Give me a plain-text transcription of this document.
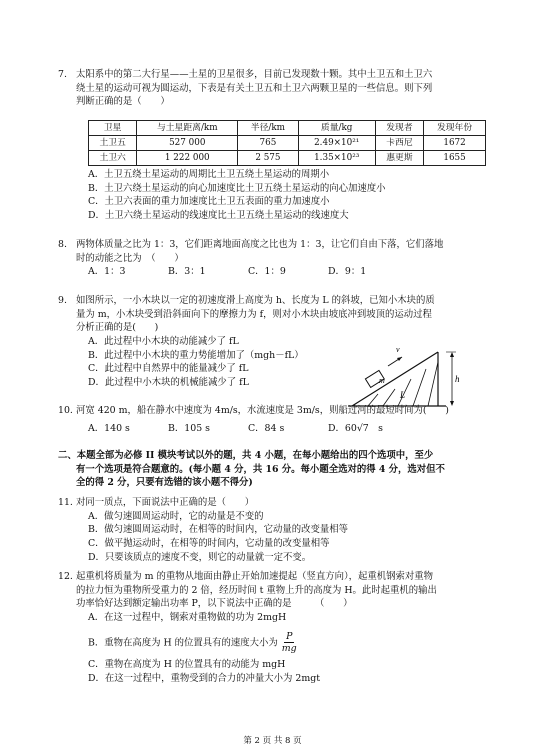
7. 太阳系中的第二大行星——土星的卫星很多，目前已发现数十颗。其中土卫五和土卫六
绕土星的运动可视为圆运动，下表是有关土卫五和土卫六两颗卫星的一些信息。则下列
判断正确的是（　　）
卫星	与土星距离/km	半径/km	质量/kg	发现者	发现年份
土卫五	527 000	765	2.49×10²¹	卡西尼	1672
土卫六	1 222 000	2 575	1.35×10²³	惠更斯	1655
A．土卫五绕土星运动的周期比土卫五绕土星运动的周期小
B．土卫六绕土星运动的向心加速度比土卫五绕土星运动的向心加速度小
C．土卫六表面的重力加速度比土卫五表面的重力加速度小
D．土卫六绕土星运动的线速度比土卫五绕土星运动的线速度大
8. 两物体质量之比为 1：3，它们距离地面高度之比也为 1：3，让它们自由下落，它们落地
时的动能之比为　（　　）
A．1：3	B．3：1	C．1：9	D．9：1
9. 如图所示，一小木块以一定的初速度滑上高度为 h、长度为 L 的斜坡，已知小木块的质
量为 m，小木块受到沿斜面向下的摩擦力为 f，则对小木块由坡底冲到坡顶的运动过程
分析正确的是(　　)
A．此过程中小木块的动能减少了 fL
B．此过程中小木块的重力势能增加了（mgh－fL）
C．此过程中自然界中的能量减少了 fL
D．此过程中小木块的机械能减少了 fL	m
v
L
h
10. 河宽 420 m，船在静水中速度为 4m/s，水流速度是 3m/s，则船过河的最短时间为(　　)
A．140 s	B．105 s	C．84 s	D．60√7　s
二、本题全部为必修 II 模块考试以外的题，共 4 小题，在每小题给出的四个选项中，至少
有一个选项是符合题意的。(每小题 4 分，共 16 分。每小题全选对的得 4 分，选对但不
全的得 2 分，只要有选错的该小题不得分)
11. 对同一质点，下面说法中正确的是（　　）
A．做匀速圆周运动时，它的动量是不变的
B．做匀速圆周运动时，在相等的时间内，它动量的改变量相等
C．做平抛运动时，在相等的时间内，它动量的改变量相等
D．只要该质点的速度不变，则它的动量就一定不变。
12. 起重机将质量为 m 的重物从地面由静止开始加速提起（竖直方向），起重机钢索对重物
的拉力恒为重物所受重力的 2 倍，经历时间 t 重物上升的高度为 H。此时起重机的输出
功率恰好达到额定输出功率 P，以下说法中正确的是　　　（　　）
A．在这一过程中，钢索对重物做的功为 2mgH
B．重物在高度为 H 的位置具有的速度大小为 $\frac{P}{mg}$
C．重物在高度为 H 的位置具有的动能为 mgH
D．在这一过程中，重物受到的合力的冲量大小为 2mgt
第 2 页 共 8 页
